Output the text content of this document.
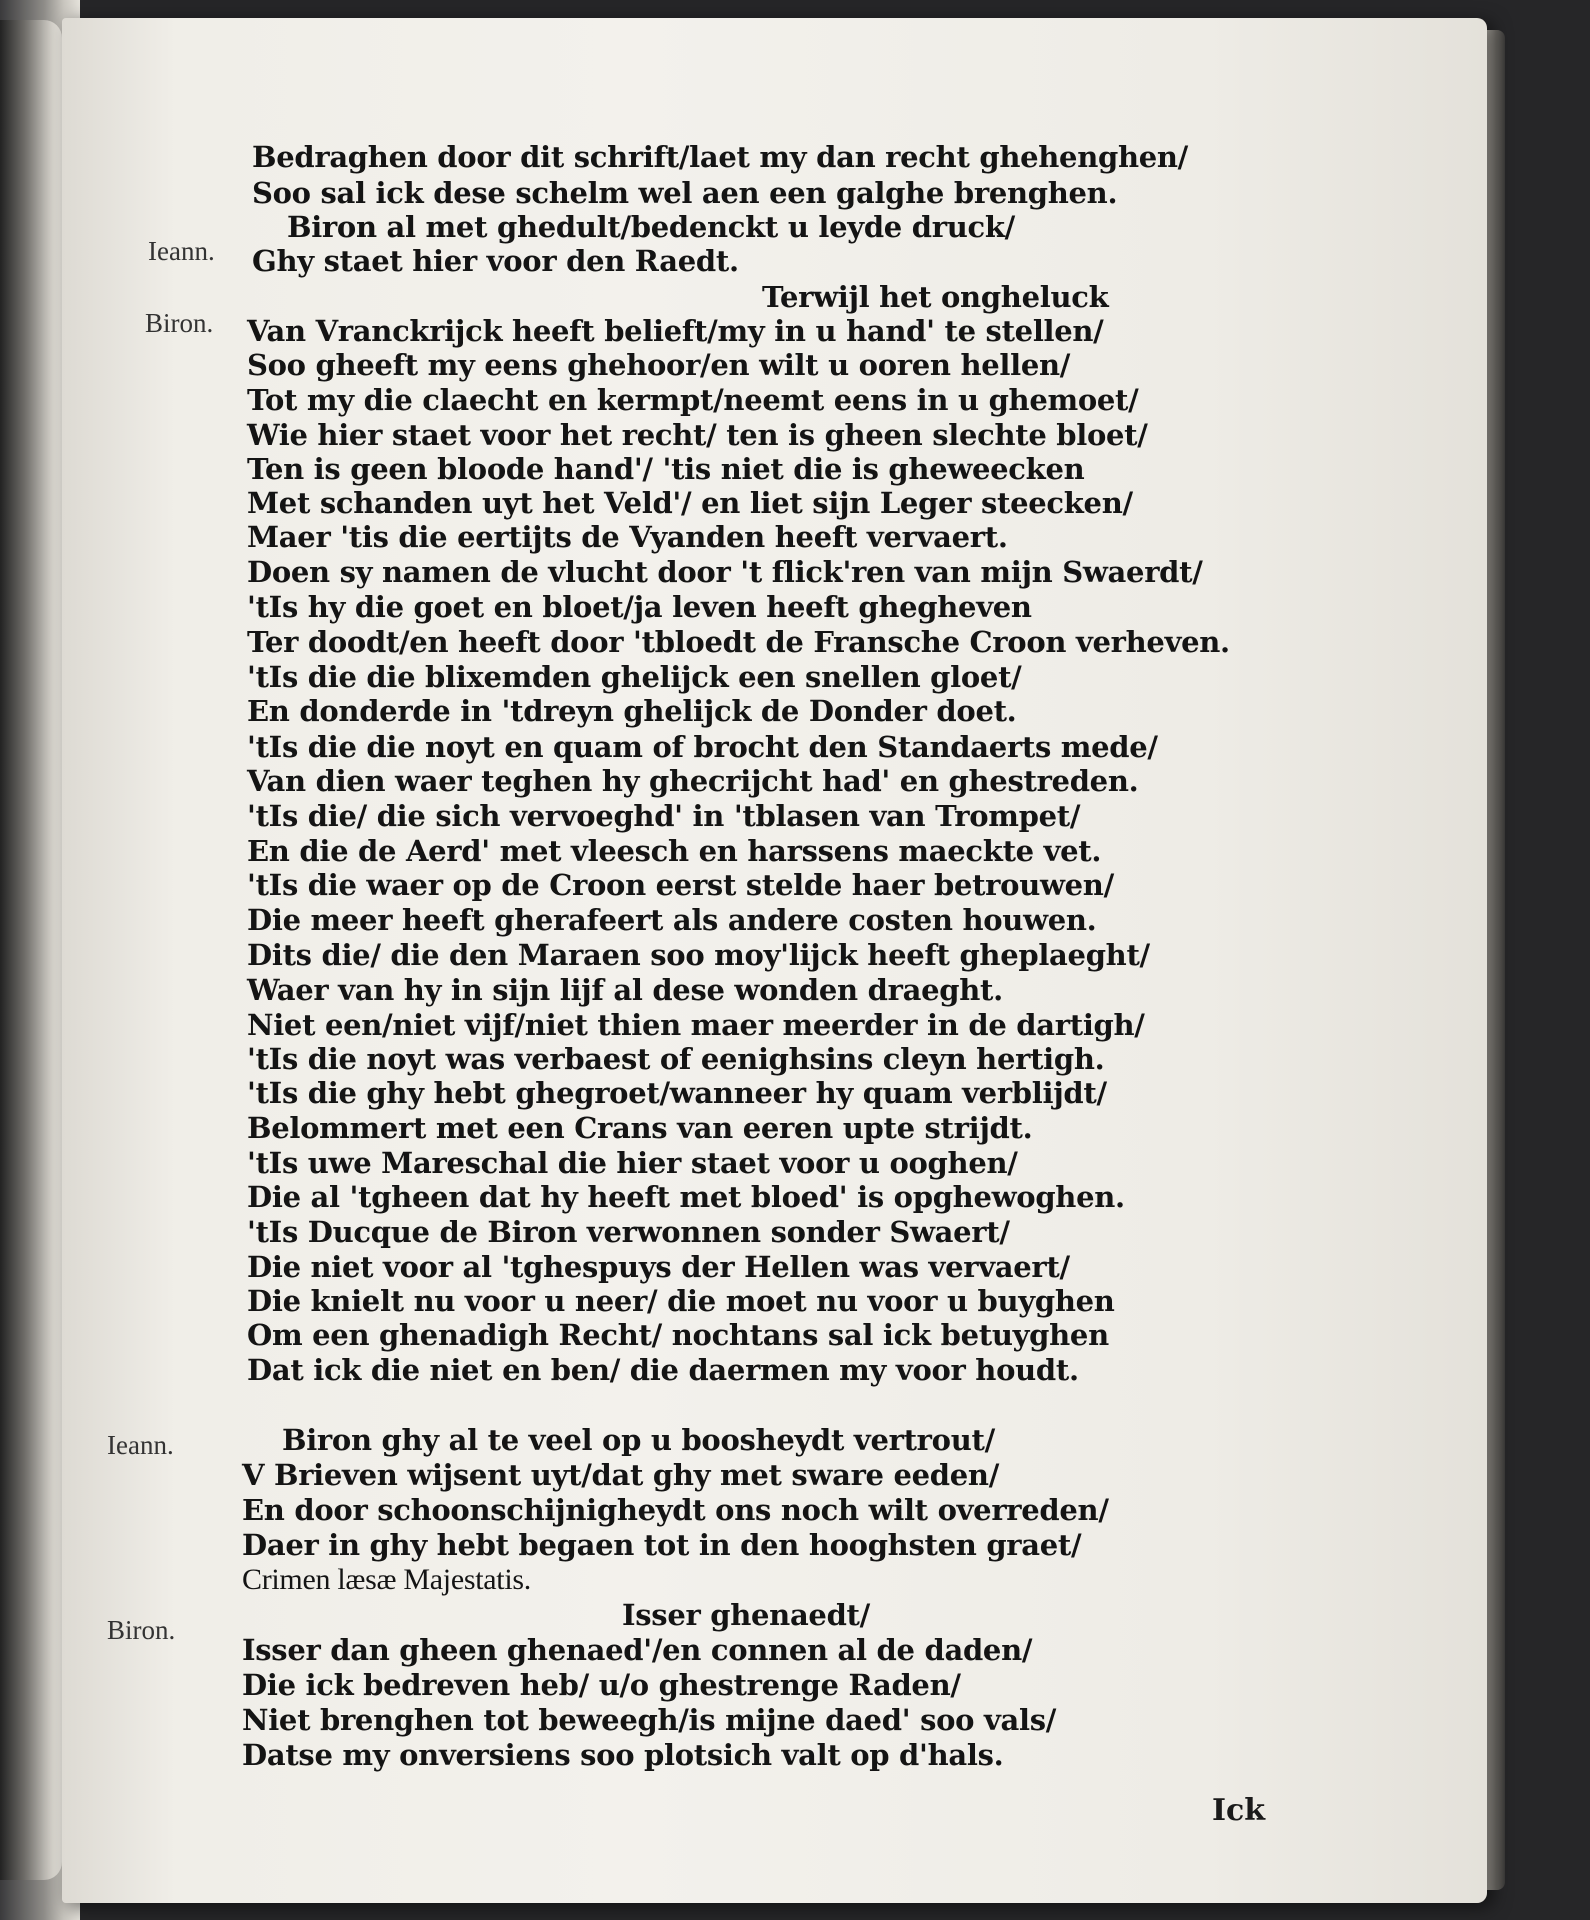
Ieann.
Biron.
Ieann.
Biron.
Bedraghen door dit schrift/laet my dan recht ghehenghen/
Soo sal ick dese schelm wel aen een galghe brenghen.
Biron al met ghedult/bedenckt u leyde druck/
Ghy staet hier voor den Raedt.
Terwijl het ongheluck
Van Vranckrijck heeft belieft/my in u hand' te stellen/
Soo gheeft my eens ghehoor/en wilt u ooren hellen/
Tot my die claecht en kermpt/neemt eens in u ghemoet/
Wie hier staet voor het recht/ ten is gheen slechte bloet/
Ten is geen bloode hand'/ 'tis niet die is gheweecken
Met schanden uyt het Veld'/ en liet sijn Leger steecken/
Maer 'tis die eertijts de Vyanden heeft vervaert.
Doen sy namen de vlucht door 't flick'ren van mijn Swaerdt/
'tIs hy die goet en bloet/ja leven heeft ghegheven
Ter doodt/en heeft door 'tbloedt de Fransche Croon verheven.
'tIs die die blixemden ghelijck een snellen gloet/
En donderde in 'tdreyn ghelijck de Donder doet.
'tIs die die noyt en quam of brocht den Standaerts mede/
Van dien waer teghen hy ghecrijcht had' en ghestreden.
'tIs die/ die sich vervoeghd' in 'tblasen van Trompet/
En die de Aerd' met vleesch en harssens maeckte vet.
'tIs die waer op de Croon eerst stelde haer betrouwen/
Die meer heeft gherafeert als andere costen houwen.
Dits die/ die den Maraen soo moy'lijck heeft gheplaeght/
Waer van hy in sijn lijf al dese wonden draeght.
Niet een/niet vijf/niet thien maer meerder in de dartigh/
'tIs die noyt was verbaest of eenighsins cleyn hertigh.
'tIs die ghy hebt ghegroet/wanneer hy quam verblijdt/
Belommert met een Crans van eeren upte strijdt.
'tIs uwe Mareschal die hier staet voor u ooghen/
Die al 'tgheen dat hy heeft met bloed' is opghewoghen.
'tIs Ducque de Biron verwonnen sonder Swaert/
Die niet voor al 'tghespuys der Hellen was vervaert/
Die knielt nu voor u neer/ die moet nu voor u buyghen
Om een ghenadigh Recht/ nochtans sal ick betuyghen
Dat ick die niet en ben/ die daermen my voor houdt.
Biron ghy al te veel op u boosheydt vertrout/
V Brieven wijsent uyt/dat ghy met sware eeden/
En door schoonschijnigheydt ons noch wilt overreden/
Daer in ghy hebt begaen tot in den hooghsten graet/
Crimen læsæ Majestatis.
Isser ghenaedt/
Isser dan gheen ghenaed'/en connen al de daden/
Die ick bedreven heb/ u/o ghestrenge Raden/
Niet brenghen tot beweegh/is mijne daed' soo vals/
Datse my onversiens soo plotsich valt op d'hals.
Ick
